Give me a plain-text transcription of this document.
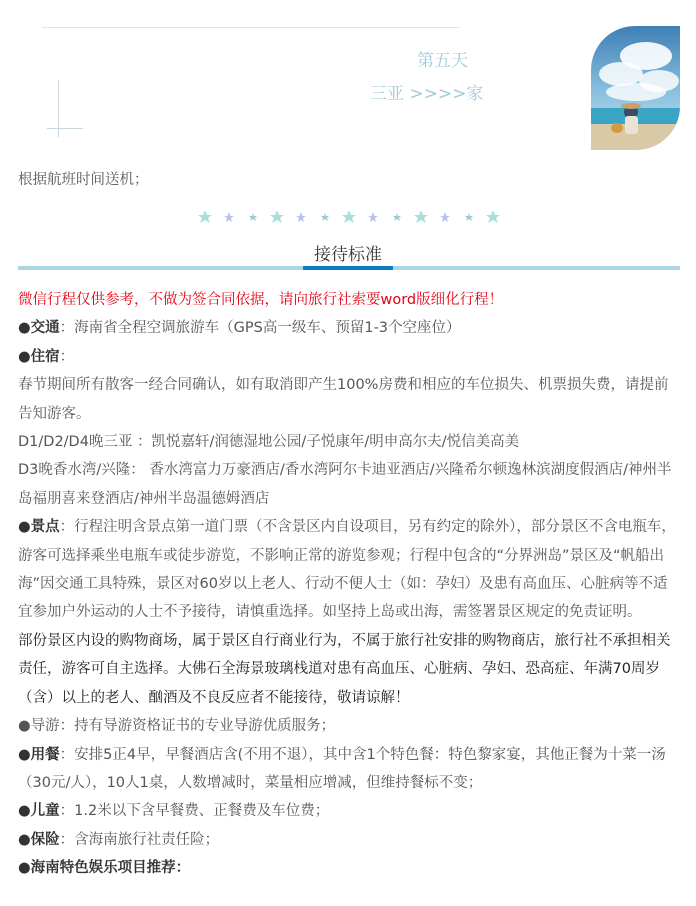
第五天
三亚 >>>>家
根据航班时间送机；
接待标准

微信行程仅供参考，不做为签合同依据，请向旅行社索要word版细化行程！

●交通：海南省全程空调旅游车（GPS高一级车、预留1-3个空座位）

●住宿：

春节期间所有散客一经合同确认，如有取消即产生100%房费和相应的车位损失、机票损失费，请提前告知游客。

D1/D2/D4晚三亚 ：凯悦嘉轩/润德湿地公园/子悦康年/明申高尔夫/悦信美高美

D3晚香水湾/兴隆： 香水湾富力万豪酒店/香水湾阿尔卡迪亚酒店/兴隆希尔顿逸林滨湖度假酒店/神州半岛福朋喜来登酒店/神州半岛温德姆酒店

●景点：行程注明含景点第一道门票（不含景区内自设项目，另有约定的除外），部分景区不含电瓶车，游客可选择乘坐电瓶车或徒步游览，不影响正常的游览参观；行程中包含的“分界洲岛”景区及“帆船出海”因交通工具特殊，景区对60岁以上老人、行动不便人士（如：孕妇）及患有高血压、心脏病等不适宜参加户外运动的人士不予接待，请慎重选择。如坚持上岛或出海，需签署景区规定的免责证明。

部份景区内设的购物商场，属于景区自行商业行为，不属于旅行社安排的购物商店，旅行社不承担相关责任，游客可自主选择。大佛石全海景玻璃栈道对患有高血压、心脏病、孕妇、恐高症、年满70周岁（含）以上的老人、酗酒及不良反应者不能接待，敬请谅解！

●导游：持有导游资格证书的专业导游优质服务；

●用餐：安排5正4早，早餐酒店含(不用不退），其中含1个特色餐：特色黎家宴，其他正餐为十菜一汤（30元/人），10人1桌，人数增减时，菜量相应增减，但维持餐标不变；

●儿童：1.2米以下含早餐费、正餐费及车位费；

●保险：含海南旅行社责任险；

●海南特色娱乐项目推荐：
